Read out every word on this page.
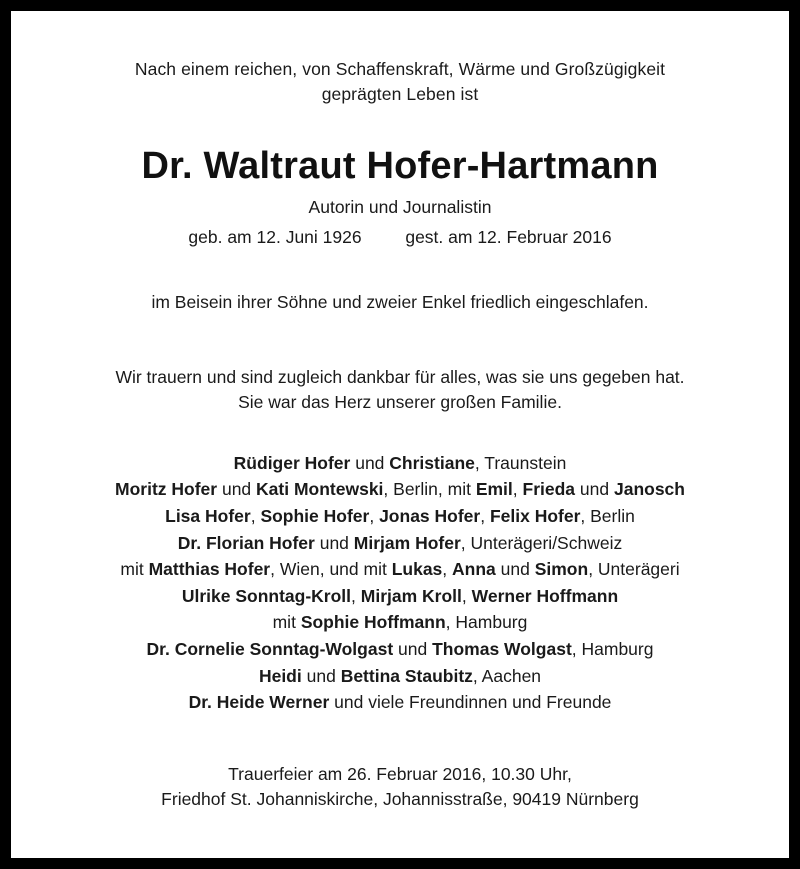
Nach einem reichen, von Schaffenskraft, Wärme und Großzügigkeit
geprägten Leben ist
Dr. Waltraut Hofer-Hartmann
Autorin und Journalistin
geb. am 12. Juni 1926	gest. am 12. Februar 2016
im Beisein ihrer Söhne und zweier Enkel friedlich eingeschlafen.
Wir trauern und sind zugleich dankbar für alles, was sie uns gegeben hat.
Sie war das Herz unserer großen Familie.
Rüdiger Hofer und Christiane, Traunstein
Moritz Hofer und Kati Montewski, Berlin, mit Emil, Frieda und Janosch
Lisa Hofer, Sophie Hofer, Jonas Hofer, Felix Hofer, Berlin
Dr. Florian Hofer und Mirjam Hofer, Unterägeri/Schweiz
mit Matthias Hofer, Wien, und mit Lukas, Anna und Simon, Unterägeri
Ulrike Sonntag-Kroll, Mirjam Kroll, Werner Hoffmann
mit Sophie Hoffmann, Hamburg
Dr. Cornelie Sonntag-Wolgast und Thomas Wolgast, Hamburg
Heidi und Bettina Staubitz, Aachen
Dr. Heide Werner und viele Freundinnen und Freunde
Trauerfeier am 26. Februar 2016, 10.30 Uhr,
Friedhof St. Johanniskirche, Johannisstraße, 90419 Nürnberg
